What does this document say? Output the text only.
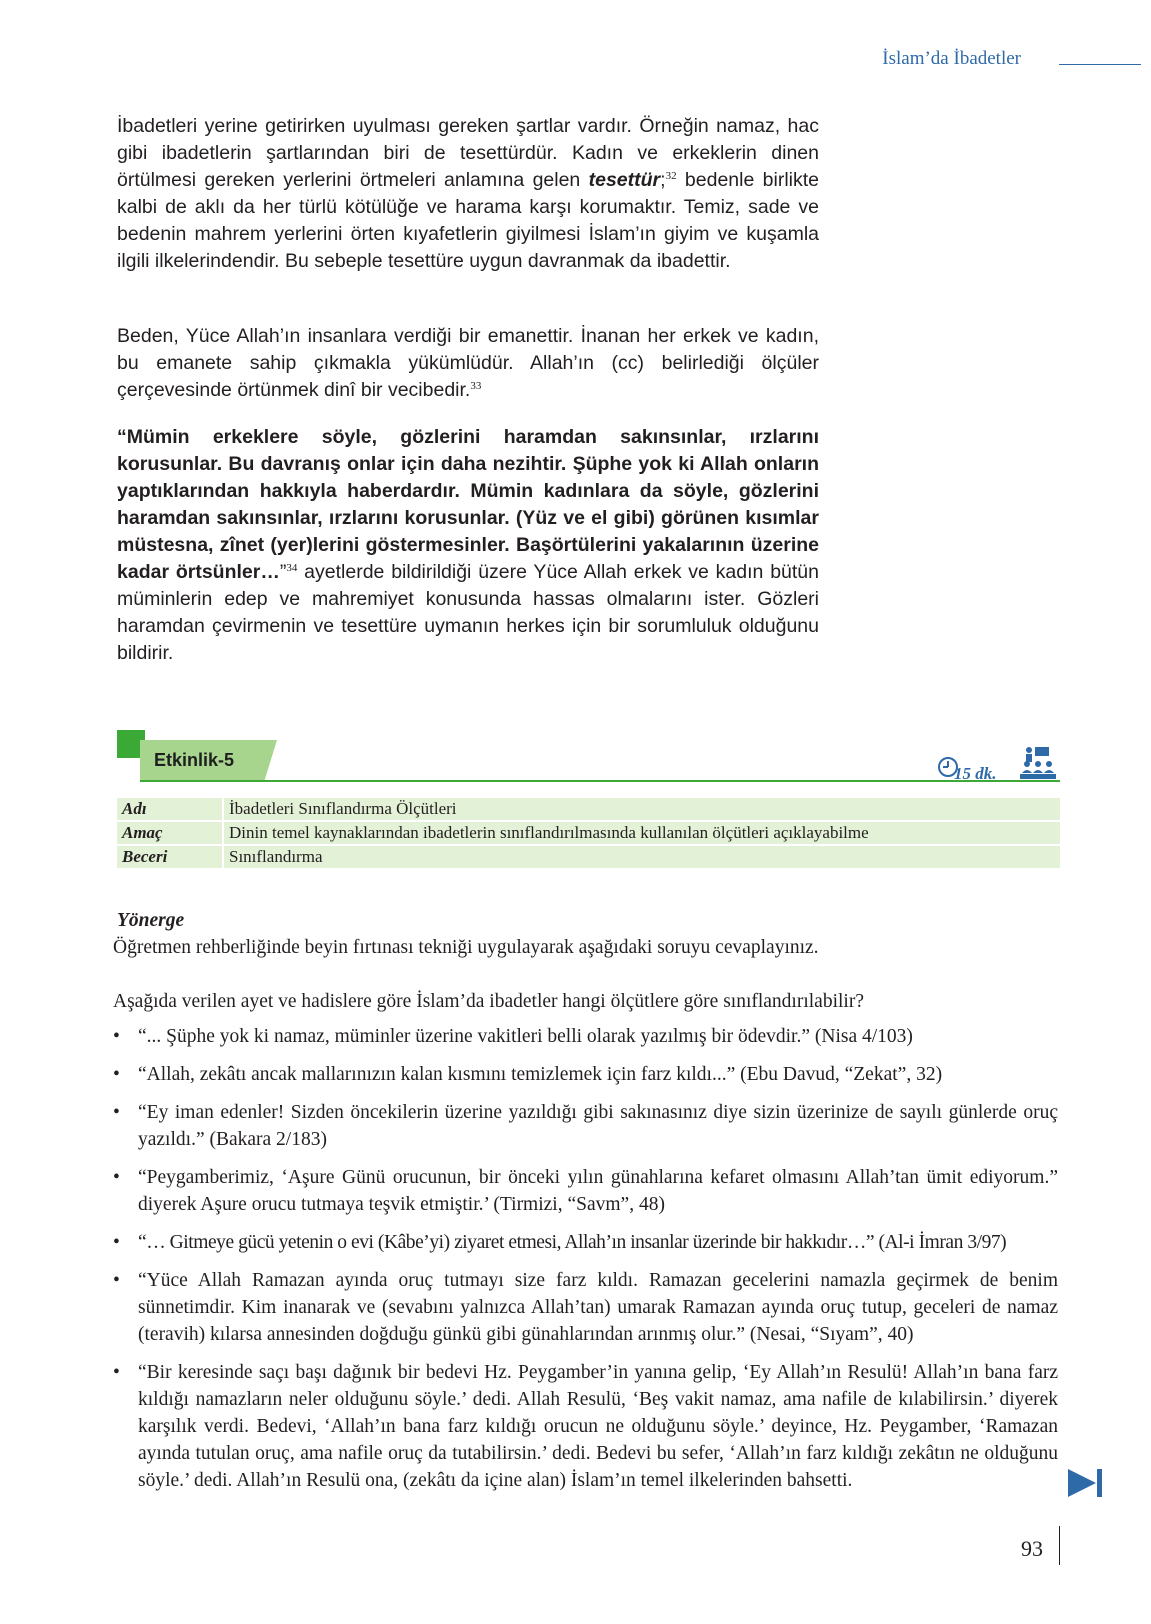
İslam’da İbadetler
İbadetleri yerine getirirken uyulması gereken şartlar vardır. Örneğin namaz, hac gibi ibadetlerin şartlarından biri de tesettürdür. Kadın ve erkeklerin dinen örtülmesi gereken yerlerini örtmeleri anlamına gelen tesettür;$^{32}$ bedenle birlikte kalbi de aklı da her türlü kötülüğe ve harama karşı korumaktır. Temiz, sade ve bedenin mahrem yerlerini örten kıyafetlerin giyilmesi İslam’ın giyim ve kuşamla ilgili ilkelerindendir. Bu sebeple tesettüre uygun davranmak da ibadettir.
Beden, Yüce Allah’ın insanlara verdiği bir emanettir. İnanan her erkek ve kadın, bu emanete sahip çıkmakla yükümlüdür. Allah’ın (cc) belirlediği ölçüler çerçevesinde örtünmek dinî bir vecibedir.$^{33}$
“Mümin erkeklere söyle, gözlerini haramdan sakınsınlar, ırzlarını korusunlar. Bu davranış onlar için daha nezihtir. Şüphe yok ki Allah onların yaptıklarından hakkıyla haberdardır. Mümin kadınlara da söyle, gözlerini haramdan sakınsınlar, ırzlarını korusunlar. (Yüz ve el gibi) görünen kısımlar müstesna, zînet (yer)lerini göstermesinler. Başörtülerini yakalarının üzerine kadar örtsünler…”$^{34}$ ayetlerde bildirildiği üzere Yüce Allah erkek ve kadın bütün müminlerin edep ve mahremiyet konusunda hassas olmalarını ister. Gözleri haramdan çevirmenin ve tesettüre uymanın herkes için bir sorumluluk olduğunu bildirir.
Etkinlik-5
15 dk.
Adı	İbadetleri Sınıflandırma Ölçütleri
Amaç	Dinin temel kaynaklarından ibadetlerin sınıflandırılmasında kullanılan ölçütleri açıklayabilme
Beceri	Sınıflandırma
Yönerge
Öğretmen rehberliğinde beyin fırtınası tekniği uygulayarak aşağıdaki soruyu cevaplayınız.
Aşağıda verilen ayet ve hadislere göre İslam’da ibadetler hangi ölçütlere göre sınıflandırılabilir?
• “... Şüphe yok ki namaz, müminler üzerine vakitleri belli olarak yazılmış bir ödevdir.” (Nisa 4/103)
• “Allah, zekâtı ancak mallarınızın kalan kısmını temizlemek için farz kıldı...” (Ebu Davud, “Zekat”, 32)
• “Ey iman edenler! Sizden öncekilerin üzerine yazıldığı gibi sakınasınız diye sizin üzerinize de sayılı günlerde oruç yazıldı.” (Bakara 2/183)
• “Peygamberimiz, ‘Aşure Günü orucunun, bir önceki yılın günahlarına kefaret olmasını Allah’tan ümit ediyorum.” diyerek Aşure orucu tutmaya teşvik etmiştir.’ (Tirmizi, “Savm”, 48)
• “… Gitmeye gücü yetenin o evi (Kâbe’yi) ziyaret etmesi, Allah’ın insanlar üzerinde bir hakkıdır…” (Al-i İmran 3/97)
• “Yüce Allah Ramazan ayında oruç tutmayı size farz kıldı. Ramazan gecelerini namazla geçirmek de benim sünnetimdir. Kim inanarak ve (sevabını yalnızca Allah’tan) umarak Ramazan ayında oruç tutup, geceleri de namaz (teravih) kılarsa annesinden doğduğu günkü gibi günahlarından arınmış olur.” (Nesai, “Sıyam”, 40)
• “Bir keresinde saçı başı dağınık bir bedevi Hz. Peygamber’in yanına gelip, ‘Ey Allah’ın Resulü! Allah’ın bana farz kıldığı namazların neler olduğunu söyle.’ dedi. Allah Resulü, ‘Beş vakit namaz, ama nafile de kılabilirsin.’ diyerek karşılık verdi. Bedevi, ‘Allah’ın bana farz kıldığı orucun ne olduğunu söyle.’ deyince, Hz. Peygamber, ‘Ramazan ayında tutulan oruç, ama nafile oruç da tutabilirsin.’ dedi. Bedevi bu sefer, ‘Allah’ın farz kıldığı zekâtın ne olduğunu söyle.’ dedi. Allah’ın Resulü ona, (zekâtı da içine alan) İslam’ın temel ilkelerinden bahsetti.
93
